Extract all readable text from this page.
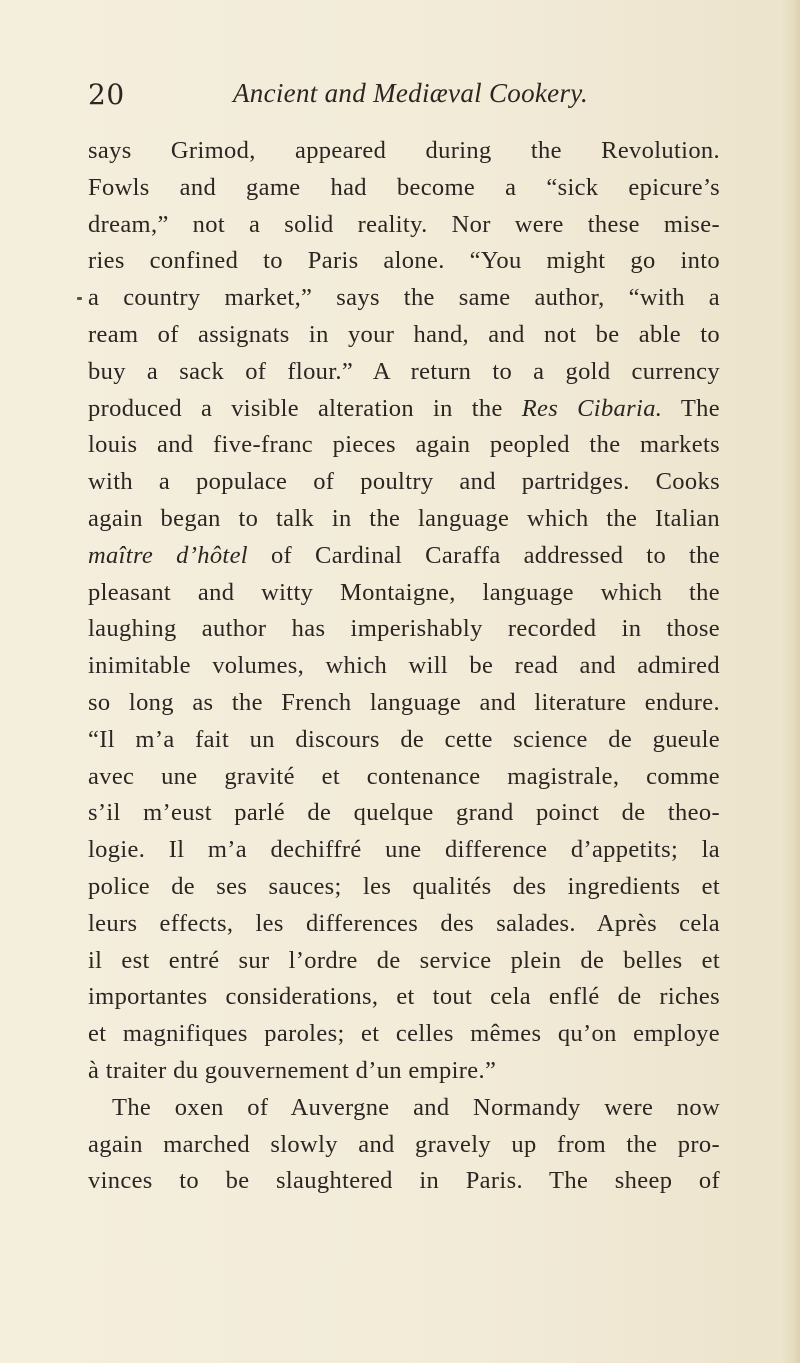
20	Ancient and Mediæval Cookery.
says Grimod, appeared during the Revolution.
Fowls and game had become a “sick epicure’s
dream,” not a solid reality. Nor were these mise-
ries confined to Paris alone. “You might go into
a country market,” says the same author, “with a
ream of assignats in your hand, and not be able to
buy a sack of flour.” A return to a gold currency
produced a visible alteration in the Res Cibaria. The
louis and five-franc pieces again peopled the markets
with a populace of poultry and partridges. Cooks
again began to talk in the language which the Italian
maître d’hôtel of Cardinal Caraffa addressed to the
pleasant and witty Montaigne, language which the
laughing author has imperishably recorded in those
inimitable volumes, which will be read and admired
so long as the French language and literature endure.
“Il m’a fait un discours de cette science de gueule
avec une gravité et contenance magistrale, comme
s’il m’eust parlé de quelque grand poinct de theo-
logie. Il m’a dechiffré une difference d’appetits; la
police de ses sauces; les qualités des ingredients et
leurs effects, les differences des salades. Après cela
il est entré sur l’ordre de service plein de belles et
importantes considerations, et tout cela enflé de riches
et magnifiques paroles; et celles mêmes qu’on employe
à traiter du gouvernement d’un empire.”
The oxen of Auvergne and Normandy were now
again marched slowly and gravely up from the pro-
vinces to be slaughtered in Paris. The sheep of
